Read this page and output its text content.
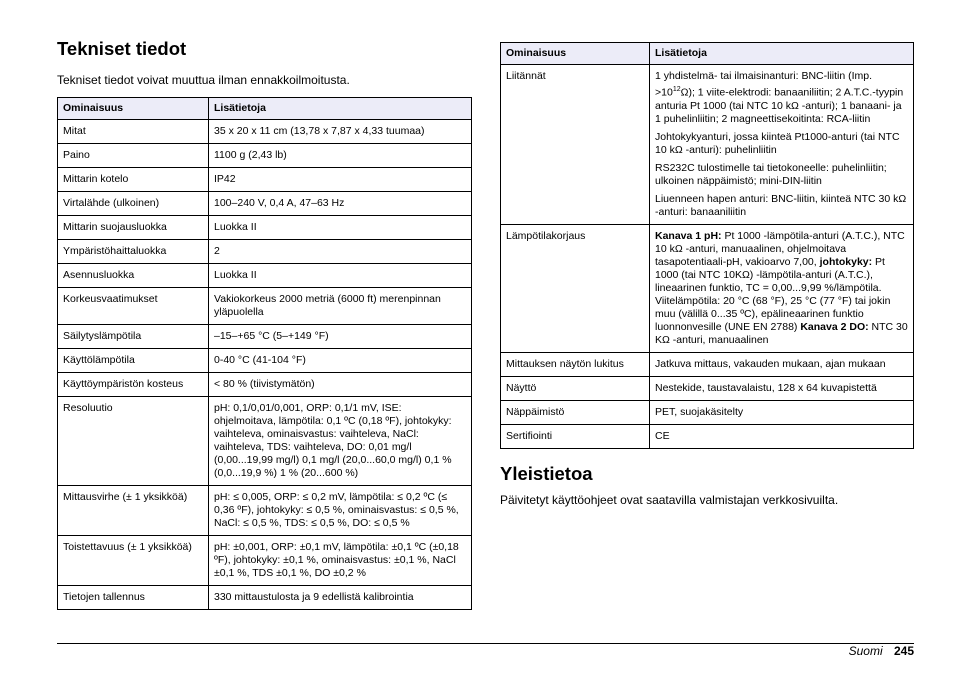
Tekniset tiedot

Tekniset tiedot voivat muuttua ilman ennakkoilmoitusta.

Ominaisuus	Lisätietoja
Mitat	35 x 20 x 11 cm (13,78 x 7,87 x 4,33 tuumaa)
Paino	1100 g (2,43 lb)
Mittarin kotelo	IP42
Virtalähde (ulkoinen)	100–240 V, 0,4 A, 47–63 Hz
Mittarin suojausluokka	Luokka II
Ympäristöhaittaluokka	2
Asennusluokka	Luokka II
Korkeusvaatimukset	Vakiokorkeus 2000 metriä (6000 ft) merenpinnan yläpuolella
Säilytyslämpötila	–15–+65 °C (5–+149 °F)
Käyttölämpötila	0-40 °C (41-104 °F)
Käyttöympäristön kosteus	< 80 % (tiivistymätön)
Resoluutio	pH: 0,1/0,01/0,001, ORP: 0,1/1 mV, ISE: ohjelmoitava, lämpötila: 0,1 ºC (0,18 ºF), johtokyky: vaihteleva, ominaisvastus: vaihteleva, NaCl: vaihteleva, TDS: vaihteleva, DO: 0,01 mg/l (0,00...19,99 mg/l) 0,1 mg/l (20,0...60,0 mg/l) 0,1 % (0,0...19,9 %) 1 % (20...600 %)
Mittausvirhe (± 1 yksikköä)	pH: ≤ 0,005, ORP: ≤ 0,2 mV, lämpötila: ≤ 0,2 ºC (≤ 0,36 ºF), johtokyky: ≤ 0,5 %, ominaisvastus: ≤ 0,5 %, NaCl: ≤ 0,5 %, TDS: ≤ 0,5 %, DO: ≤ 0,5 %
Toistettavuus (± 1 yksikköä)	pH: ±0,001, ORP: ±0,1 mV, lämpötila: ±0,1 ºC (±0,18 ºF), johtokyky: ±0,1 %, ominaisvastus: ±0,1 %, NaCl ±0,1 %, TDS ±0,1 %, DO ±0,2 %
Tietojen tallennus	330 mittaustulosta ja 9 edellistä kalibrointia
Ominaisuus	Lisätietoja
Liitännät	1 yhdistelmä- tai ilmaisinanturi: BNC-liitin (Imp. $>10^{12}\Omega$); 1 viite-elektrodi: banaaniliitin; 2 A.T.C.-tyypin anturia Pt 1000 (tai NTC 10 kΩ -anturi); 1 banaani- ja 1 puhelinliitin; 2 magneettisekoitinta: RCA-liitin

Johtokykyanturi, jossa kiinteä Pt1000-anturi (tai NTC 10 kΩ -anturi): puhelinliitin

RS232C tulostimelle tai tietokoneelle: puhelinliitin; ulkoinen näppäimistö; mini-DIN-liitin

Liuenneen hapen anturi: BNC-liitin, kiinteä NTC 30 kΩ -anturi: banaaniliitin

Lämpötilakorjaus	Kanava 1 pH: Pt 1000 -lämpötila-anturi (A.T.C.), NTC 10 kΩ -anturi, manuaalinen, ohjelmoitava tasapotentiaali-pH, vakioarvo 7,00, johtokyky: Pt 1000 (tai NTC 10KΩ) -lämpötila-anturi (A.T.C.), lineaarinen funktio, TC = 0,00...9,99 %/lämpötila. Viitelämpötila: 20 °C (68 °F), 25 °C (77 °F) tai jokin muu (välillä 0...35 ºC), epälineaarinen funktio luonnonvesille (UNE EN 2788) Kanava 2 DO: NTC 30 KΩ -anturi, manuaalinen
Mittauksen näytön lukitus	Jatkuva mittaus, vakauden mukaan, ajan mukaan
Näyttö	Nestekide, taustavalaistu, 128 x 64 kuvapistettä
Näppäimistö	PET, suojakäsitelty
Sertifiointi	CE
Yleistietoa

Päivitetyt käyttöohjeet ovat saatavilla valmistajan verkkosivuilta.

Suomi 245
